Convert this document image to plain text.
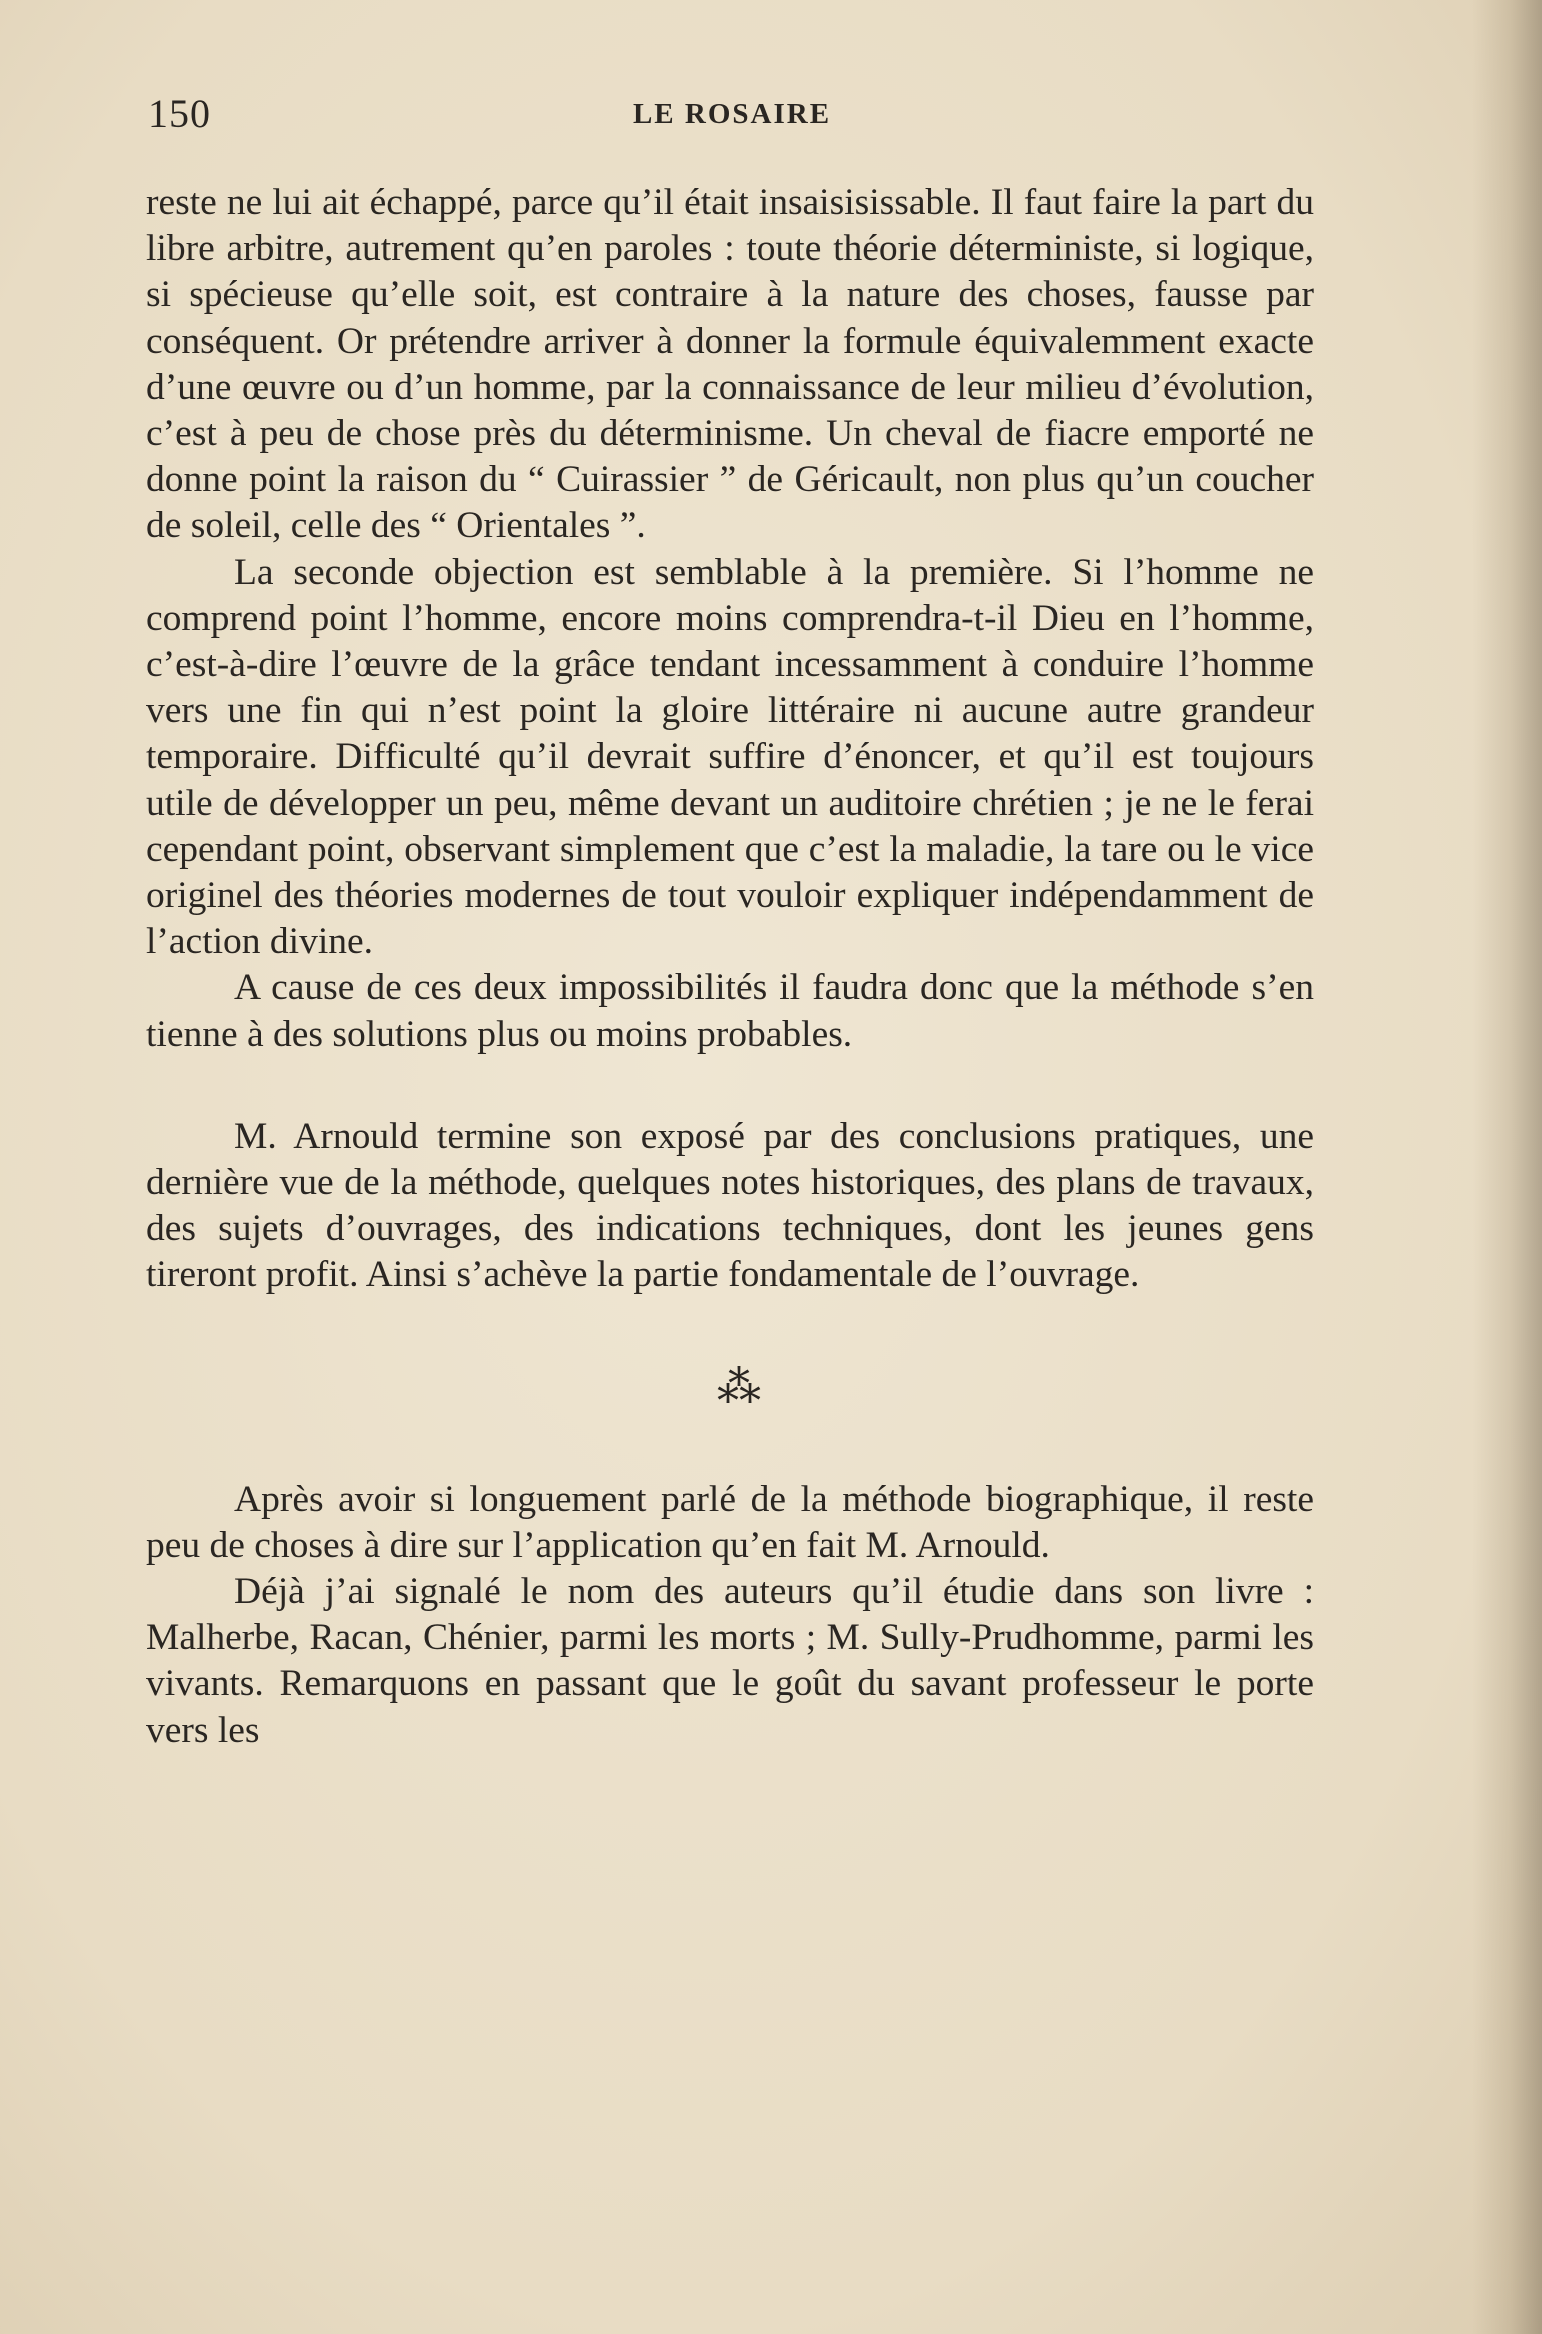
150	LE ROSAIRE

reste ne lui ait échappé, parce qu’il était insaisisissable. Il faut faire la part du libre arbitre, autrement qu’en paroles : toute théorie déterministe, si logique, si spécieuse qu’elle soit, est contraire à la nature des choses, fausse par conséquent. Or prétendre arriver à donner la formule équivalemment exacte d’une œuvre ou d’un homme, par la connaissance de leur milieu d’évolution, c’est à peu de chose près du déterminisme. Un cheval de fiacre emporté ne donne point la raison du “ Cuirassier ” de Géricault, non plus qu’un coucher de soleil, celle des “ Orientales ”.

La seconde objection est semblable à la première. Si l’homme ne comprend point l’homme, encore moins comprendra-t-il Dieu en l’homme, c’est-à-dire l’œuvre de la grâce tendant incessamment à conduire l’homme vers une fin qui n’est point la gloire littéraire ni aucune autre grandeur temporaire. Difficulté qu’il devrait suffire d’énoncer, et qu’il est toujours utile de développer un peu, même devant un auditoire chrétien ; je ne le ferai cependant point, observant simplement que c’est la maladie, la tare ou le vice originel des théories modernes de tout vouloir expliquer indépendamment de l’action divine.

A cause de ces deux impossibilités il faudra donc que la méthode s’en tienne à des solutions plus ou moins probables.

M. Arnould termine son exposé par des conclusions pratiques, une dernière vue de la méthode, quelques notes historiques, des plans de travaux, des sujets d’ouvrages, des indications techniques, dont les jeunes gens tireront profit. Ainsi s’achève la partie fondamentale de l’ouvrage.

⁂

Après avoir si longuement parlé de la méthode biographique, il reste peu de choses à dire sur l’application qu’en fait M. Arnould.

Déjà j’ai signalé le nom des auteurs qu’il étudie dans son livre : Malherbe, Racan, Chénier, parmi les morts ; M. Sully-Prudhomme, parmi les vivants. Remarquons en passant que le goût du savant professeur le porte vers les
